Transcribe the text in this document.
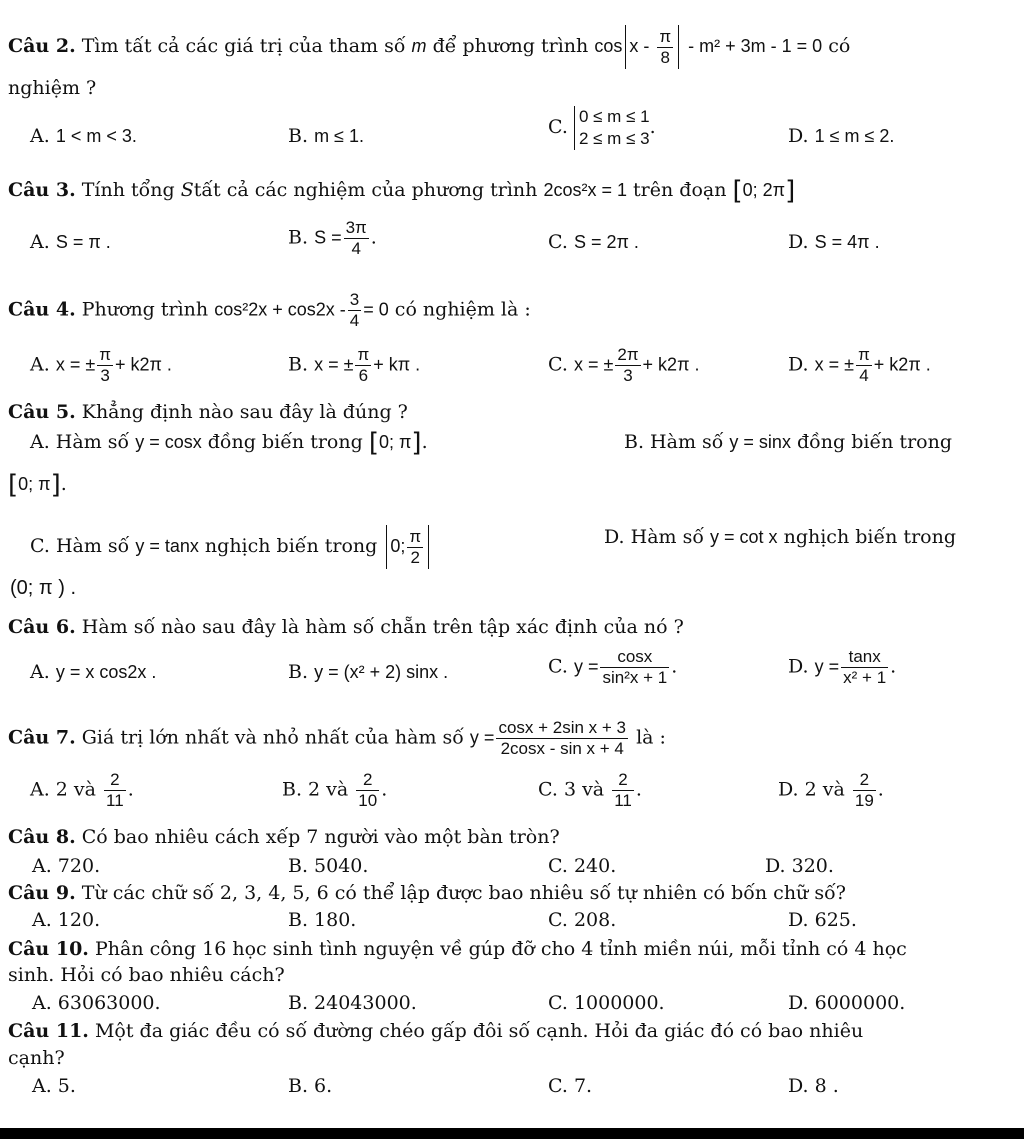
Câu 2. Tìm tất cả các giá trị của tham số m để phương trình $\cos x - \frac{\pi}{8} - m^2 + 3m - 1 = 0$ có
nghiệm ?
A. 1 < m < 3.	B. m ≤ 1.	C. 0 ≤ m ≤ 1
2 ≤ m ≤ 3
.	D. 1 ≤ m ≤ 2.
Câu 3. Tính tổng Stất cả các nghiệm của phương trình 2cos²x = 1 trên đoạn [0; 2π]
A. S = π .	B. $S = \frac{3\pi}{4}$ .	C. S = 2π .	D. S = 4π .
Câu 4. Phương trình $\cos^22x + \cos 2x - \frac{3}{4} = 0$ có nghiệm là :
A. x = ± $\frac{\pi}{3} + k2\pi$ .	B. x = ± $\frac{\pi}{6} + k\pi$ .	C. x = ± $\frac{2\pi}{3} + k2\pi$ .	D. x = ± $\frac{\pi}{4} + k2\pi$ .
Câu 5. Khẳng định nào sau đây là đúng ?
A. Hàm số y = cosx đồng biến trong [0; π].	B. Hàm số y = sinx đồng biến trong
[0; π].
C. Hàm số y = tanx nghịch biến trong 0; $\frac{\pi}{2}$	D. Hàm số y = cot x nghịch biến trong
(0; π ) .
Câu 6. Hàm số nào sau đây là hàm số chẵn trên tập xác định của nó ?
A. y = x cos2x .	B. y = (x² + 2) sinx .	C. $y = \frac{\cos x}{\text{sin²x + 1}}$ .	D. $y = \frac{\tan x}{\text{x² + 1}}$ .
Câu 7. Giá trị lớn nhất và nhỏ nhất của hàm số $y = \frac{\text{cosx + 2sin x + 3}}{\text{2cosx - sin x + 4}}$ là :
A. 2 và $\frac{2}{11}$ .	B. 2 và $\frac{2}{10}$ .	C. 3 và $\frac{2}{11}$ .	D. 2 và $\frac{2}{19}$ .
Câu 8. Có bao nhiêu cách xếp 7 người vào một bàn tròn?
A. 720.	B. 5040.	C. 240.	D. 320.
Câu 9. Từ các chữ số 2, 3, 4, 5, 6 có thể lập được bao nhiêu số tự nhiên có bốn chữ số?
A. 120.	B. 180.	C. 208.	D. 625.
Câu 10. Phân công 16 học sinh tình nguyện về gúp đỡ cho 4 tỉnh miền núi, mỗi tỉnh có 4 học
sinh. Hỏi có bao nhiêu cách?
A. 63063000.	B. 24043000.	C. 1000000.	D. 6000000.
Câu 11. Một đa giác đều có số đường chéo gấp đôi số cạnh. Hỏi đa giác đó có bao nhiêu
cạnh?
A. 5.	B. 6.	C. 7.	D. 8 .
